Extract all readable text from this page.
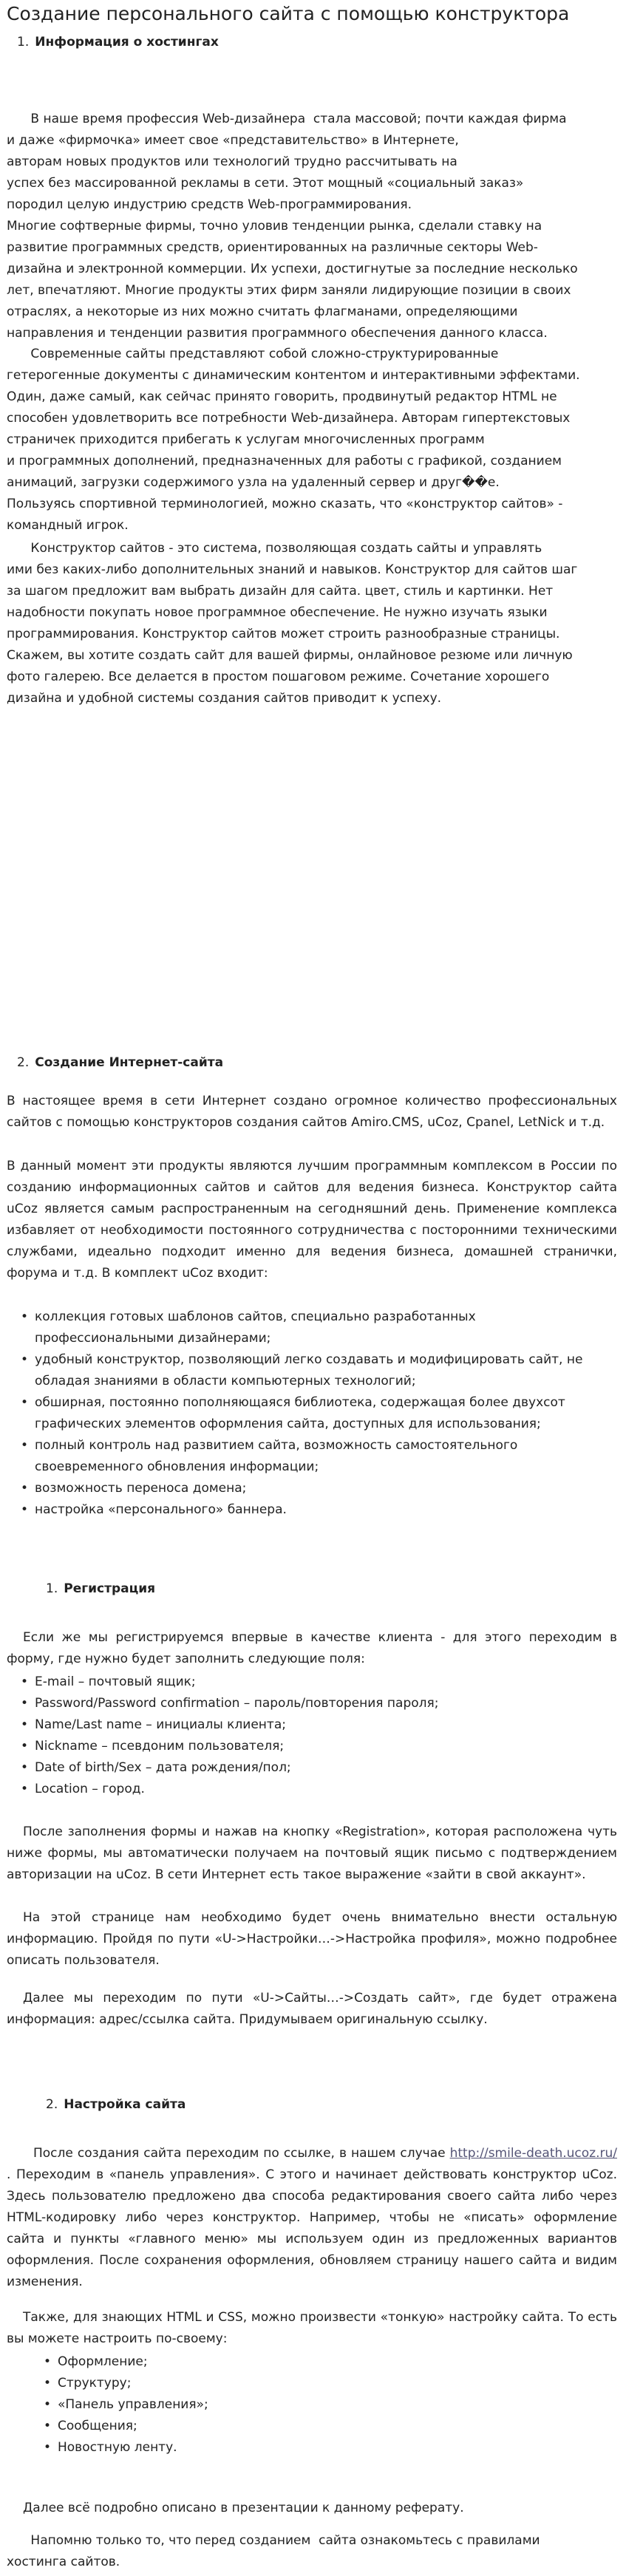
Создание персонального сайта с помощью конструктора
1. Информация о хостингах
В наше время профессия Web-дизайнера  стала массовой; почти каждая фирма
и даже «фирмочка» имеет свое «представительство» в Интернете,
авторам новых продуктов или технологий трудно рассчитывать на
успех без массированной рекламы в сети. Этот мощный «социальный заказ»
породил целую индустрию средств Web-программирования.
Многие софтверные фирмы, точно уловив тенденции рынка, сделали ставку на
развитие программных средств, ориентированных на различные секторы Web-
дизайна и электронной коммерции. Их успехи, достигнутые за последние несколько
лет, впечатляют. Многие продукты этих фирм заняли лидирующие позиции в своих
отраслях, а некоторые из них можно считать флагманами, определяющими
направления и тенденции развития программного обеспечения данного класса.
Современные сайты представляют собой сложно-структурированные
гетерогенные документы с динамическим контентом и интерактивными эффектами.
Один, даже самый, как сейчас принято говорить, продвинутый редактор HTML не
способен удовлетворить все потребности Web-дизайнера. Авторам гипертекстовых
страничек приходится прибегать к услугам многочисленных программ
и программных дополнений, предназначенных для работы с графикой, созданием
анимаций, загрузки содержимого узла на удаленный сервер и друг��е.
Пользуясь спортивной терминологией, можно сказать, что «конструктор сайтов» -
командный игрок.
Конструктор сайтов - это система, позволяющая создать сайты и управлять
ими без каких-либо дополнительных знаний и навыков. Конструктор для сайтов шаг
за шагом предложит вам выбрать дизайн для сайта. цвет, стиль и картинки. Нет
надобности покупать новое программное обеспечение. Не нужно изучать языки
программирования. Конструктор сайтов может строить разнообразные страницы.
Скажем, вы хотите создать сайт для вашей фирмы, онлайновое резюме или личную
фото галерею. Все делается в простом пошаговом режиме. Сочетание хорошего
дизайна и удобной системы создания сайтов приводит к успеху.
2. Создание Интернет-сайта

В настоящее время в сети Интернет создано огромное количество профессиональных сайтов с помощью конструкторов создания сайтов Amiro.CMS, uCoz, Cpanel, LetNick и т.д.

В данный момент эти продукты являются лучшим программным комплексом в России по созданию информационных сайтов и сайтов для ведения бизнеса. Конструктор сайта uCoz является самым распространенным на сегодняшний день. Применение комплекса избавляет от необходимости постоянного сотрудничества с посторонними техническими службами, идеально подходит именно для ведения бизнеса, домашней странички, форума и т.д. В комплект uCoz входит:

• коллекция готовых шаблонов сайтов, специально разработанных профессиональными дизайнерами;
• удобный конструктор, позволяющий легко создавать и модифицировать сайт, не обладая знаниями в области компьютерных технологий;
• обширная, постоянно пополняющаяся библиотека, содержащая более двухсот графических элементов оформления сайта, доступных для использования;
• полный контроль над развитием сайта, возможность самостоятельного своевременного обновления информации;
• возможность переноса домена;
• настройка «персонального» баннера.
1. Регистрация

Если же мы регистрируемся впервые в качестве клиента - для этого переходим в форму, где нужно будет заполнить следующие поля:

• E-mail – почтовый ящик;
• Password/Password confirmation – пароль/повторения пароля;
• Name/Last name – инициалы клиента;
• Nickname – псевдоним пользователя;
• Date of birth/Sex – дата рождения/пол;
• Location – город.

После заполнения формы и нажав на кнопку «Registration», которая расположена чуть ниже формы, мы автоматически получаем на почтовый ящик письмо с подтверждением авторизации на uCoz. В сети Интернет есть такое выражение «зайти в свой аккаунт».

На этой странице нам необходимо будет очень внимательно внести остальную информацию. Пройдя по пути «U->Настройки…->Настройка профиля», можно подробнее описать пользователя.

Далее мы переходим по пути «U->Сайты…->Создать сайт», где будет отражена информация: адрес/ссылка сайта. Придумываем оригинальную ссылку.

2. Настройка сайта

После создания сайта переходим по ссылке, в нашем случае http://smile-death.ucoz.ru/ . Переходим в «панель управления». С этого и начинает действовать конструктор uCoz. Здесь пользователю предложено два способа редактирования своего сайта либо через HTML-кодировку либо через конструктор. Например, чтобы не «писать» оформление сайта и пункты «главного меню» мы используем один из предложенных вариантов оформления. После сохранения оформления, обновляем страницу нашего сайта и видим изменения.

Также, для знающих HTML и CSS, можно произвести «тонкую» настройку сайта. То есть вы можете настроить по-своему:

• Оформление;
• Структуру;
• «Панель управления»;
• Сообщения;
• Новостную ленту.

Далее всё подробно описано в презентации к данному реферату.

Напомню только то, что перед созданием  сайта ознакомьтесь с правилами
хостинга сайтов.
